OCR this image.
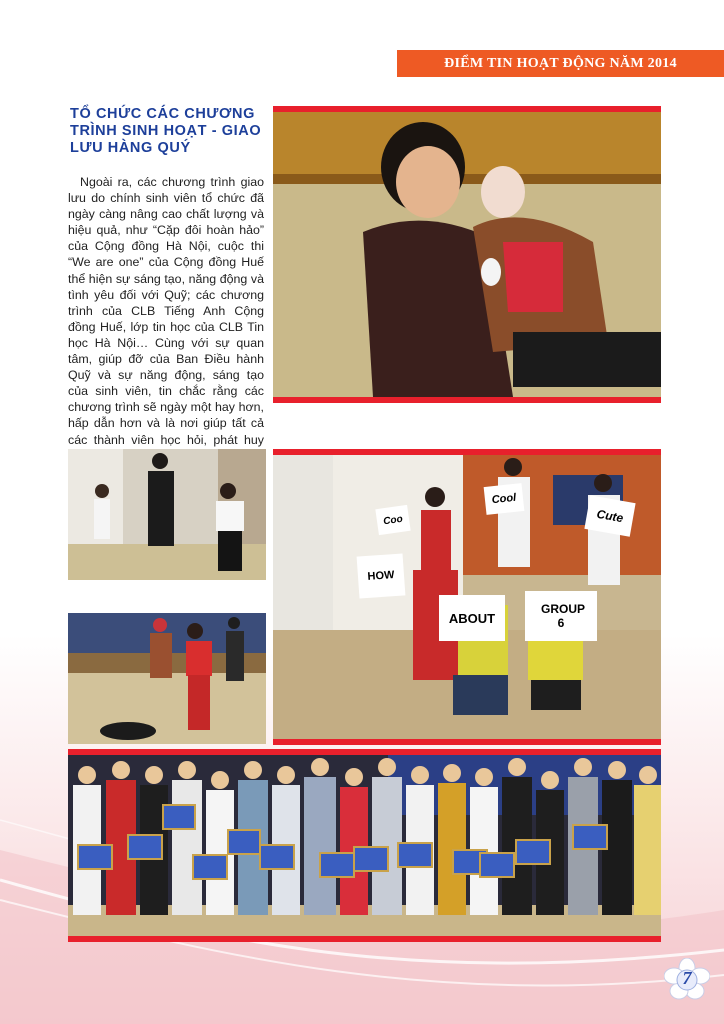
ĐIỂM TIN HOẠT ĐỘNG NĂM 2014
TỔ CHỨC CÁC CHƯƠNG
TRÌNH SINH HOẠT - GIAO
LƯU HÀNG QUÝ

Ngoài ra, các chương trình giao lưu do chính sinh viên tổ chức đã ngày càng nâng cao chất lượng và hiệu quả, như “Cặp đôi hoàn hảo” của Cộng đồng Hà Nội, cuộc thi “We are one” của Cộng đồng Huế thể hiện sự sáng tạo, năng động và tình yêu đối với Quỹ; các chương trình của CLB Tiếng Anh Cộng đồng Huế, lớp tin học của CLB Tin học Hà Nội… Cùng với sự quan tâm, giúp đỡ của Ban Điều hành Quỹ và sự năng động, sáng tạo của sinh viên, tin chắc rằng các chương trình sẽ ngày một hay hơn, hấp dẫn hơn và là nơi giúp tất cả các thành viên học hỏi, phát huy

HOW
ABOUT
GROUP 6
Coo
Cool
Cute
7
